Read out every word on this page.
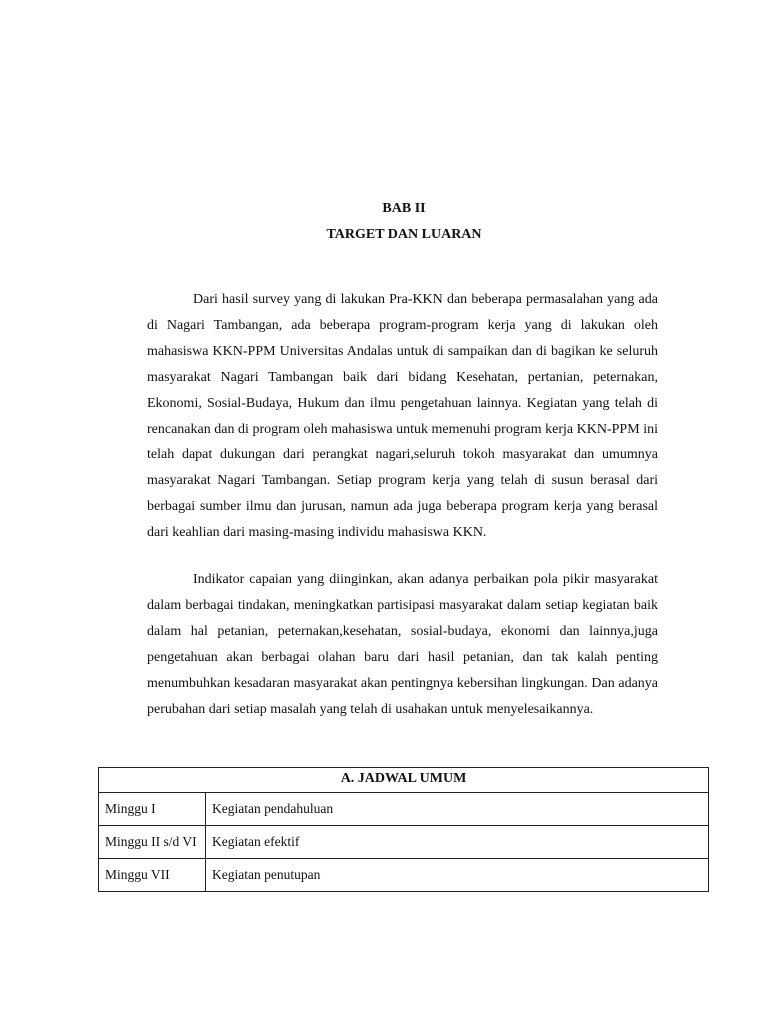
BAB II
TARGET DAN LUARAN

Dari hasil survey yang di lakukan Pra-KKN dan beberapa permasalahan yang ada di Nagari Tambangan, ada beberapa program-program kerja yang di lakukan oleh mahasiswa KKN-PPM Universitas Andalas untuk di sampaikan dan di bagikan ke seluruh masyarakat Nagari Tambangan baik dari bidang Kesehatan, pertanian, peternakan, Ekonomi, Sosial-Budaya, Hukum dan ilmu pengetahuan lainnya. Kegiatan yang telah di rencanakan dan di program oleh mahasiswa untuk memenuhi program kerja KKN-PPM ini telah dapat dukungan dari perangkat nagari,seluruh tokoh masyarakat dan umumnya masyarakat Nagari Tambangan. Setiap program kerja yang telah di susun berasal dari berbagai sumber ilmu dan jurusan, namun ada juga beberapa program kerja yang berasal dari keahlian dari masing-masing individu mahasiswa KKN.

Indikator capaian yang diinginkan, akan adanya perbaikan pola pikir masyarakat dalam berbagai tindakan, meningkatkan partisipasi masyarakat dalam setiap kegiatan baik dalam hal petanian, peternakan,kesehatan, sosial-budaya, ekonomi dan lainnya,juga pengetahuan akan berbagai olahan baru dari hasil petanian, dan tak kalah penting menumbuhkan kesadaran masyarakat akan pentingnya kebersihan lingkungan. Dan adanya perubahan dari setiap masalah yang telah di usahakan untuk menyelesaikannya.

A. JADWAL UMUM	
Minggu I	Kegiatan pendahuluan
Minggu II s/d VI	Kegiatan efektif
Minggu VII	Kegiatan penutupan
